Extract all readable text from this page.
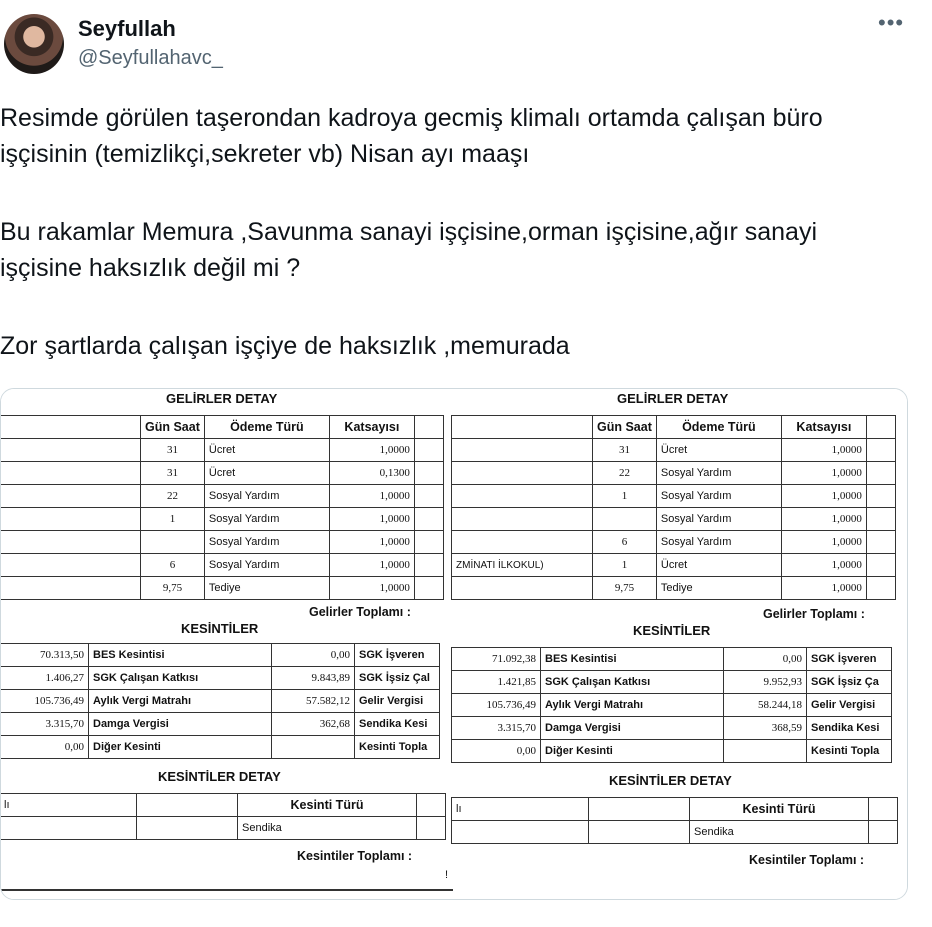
Seyfullah
@Seyfullahavc_
•••

Resimde görülen taşerondan kadroya gecmiş klimalı ortamda çalışan büro işçisinin (temizlikçi,sekreter vb) Nisan ayı maaşı

Bu rakamlar Memura ,Savunma sanayi işçisine,orman işçisine,ağır sanayi işçisine haksızlık değil mi ?

Zor şartlarda çalışan işçiye de haksızlık ,memurada

GELİRLER DETAY
	Gün Saat	Ödeme Türü	Katsayısı	
	31	Ücret	1,0000	
	31	Ücret	0,1300	
	22	Sosyal Yardım	1,0000	
	1	Sosyal Yardım	1,0000	
		Sosyal Yardım	1,0000	
	6	Sosyal Yardım	1,0000	
	9,75	Tediye	1,0000	
Gelirler Toplamı :
KESİNTİLER
70.313,50	BES Kesintisi	0,00	SGK İşveren
1.406,27	SGK Çalışan Katkısı	9.843,89	SGK İşsiz Çal
105.736,49	Aylık Vergi Matrahı	57.582,12	Gelir Vergisi
3.315,70	Damga Vergisi	362,68	Sendika Kesi
0,00	Diğer Kesinti		Kesinti Topla
KESİNTİLER DETAY
lı		Kesinti Türü	
		Sendika	
Kesintiler Toplamı :
!
GELİRLER DETAY
	Gün Saat	Ödeme Türü	Katsayısı	
	31	Ücret	1,0000	
	22	Sosyal Yardım	1,0000	
	1	Sosyal Yardım	1,0000	
		Sosyal Yardım	1,0000	
	6	Sosyal Yardım	1,0000	
ZMİNATI İLKOKUL)	1	Ücret	1,0000	
	9,75	Tediye	1,0000	
Gelirler Toplamı :
KESİNTİLER
71.092,38	BES Kesintisi	0,00	SGK İşveren
1.421,85	SGK Çalışan Katkısı	9.952,93	SGK İşsiz Ça
105.736,49	Aylık Vergi Matrahı	58.244,18	Gelir Vergisi
3.315,70	Damga Vergisi	368,59	Sendika Kesi
0,00	Diğer Kesinti		Kesinti Topla
KESİNTİLER DETAY
lı		Kesinti Türü	
		Sendika	
Kesintiler Toplamı :
